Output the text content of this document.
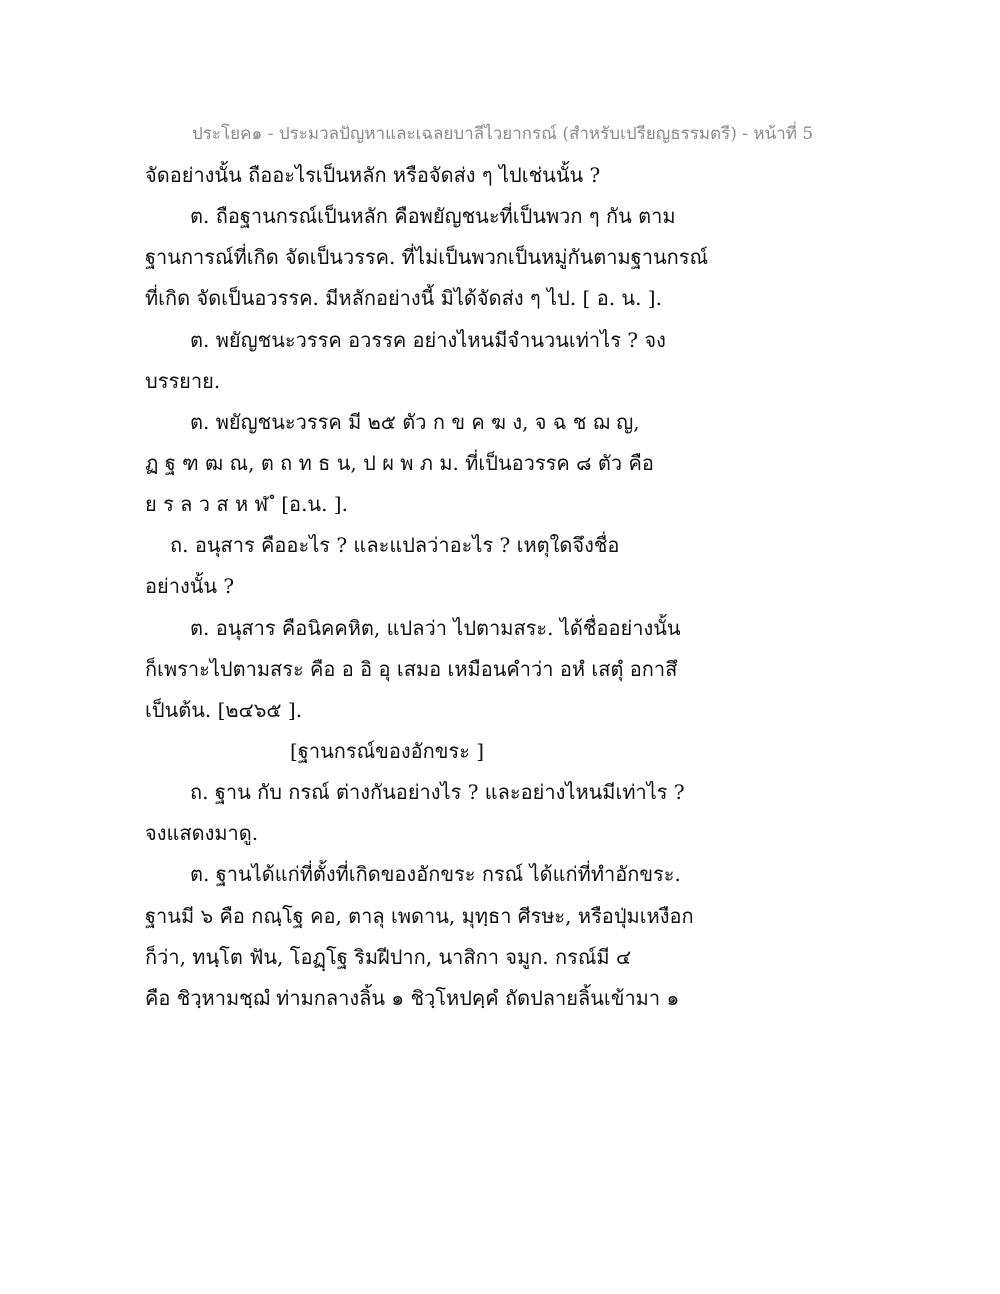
ประโยค๑ - ประมวลปัญหาและเฉลยบาลีไวยากรณ์ (สำหรับเปรียญธรรมตรี) - หน้าที่ 5
จัดอย่างนั้น ถืออะไรเป็นหลัก หรือจัดส่ง ๆ ไปเช่นนั้น ?
ต. ถือฐานกรณ์เป็นหลัก คือพยัญชนะที่เป็นพวก ๆ กัน ตาม
ฐานการณ์ที่เกิด จัดเป็นวรรค. ที่ไม่เป็นพวกเป็นหมู่กันตามฐานกรณ์
ที่เกิด จัดเป็นอวรรค. มีหลักอย่างนี้ มิได้จัดส่ง ๆ ไป. [ อ. น. ].
ต. พยัญชนะวรรค อวรรค อย่างไหนมีจำนวนเท่าไร ? จง
บรรยาย.
ต. พยัญชนะวรรค มี ๒๕ ตัว ก ข ค ฆ ง, จ ฉ ช ฌ ญ,
ฏ ฐ ฑ ฒ ณ, ต ถ ท ธ น, ป ผ พ ภ ม. ที่เป็นอวรรค ๘ ตัว คือ
ย ร ล ว ส ห ฬ ํ [อ.น. ].
ถ. อนุสาร คืออะไร ? และแปลว่าอะไร ? เหตุใดจึงชื่อ
อย่างนั้น ?
ต. อนุสาร คือนิคคหิต, แปลว่า ไปตามสระ. ได้ชื่ออย่างนั้น
ก็เพราะไปตามสระ คือ อ อิ อุ เสมอ เหมือนคำว่า อหํ เสตุํ อกาสึ
เป็นต้น. [๒๔๖๕ ].
[ฐานกรณ์ของอักขระ ]
ถ. ฐาน กับ กรณ์ ต่างกันอย่างไร ? และอย่างไหนมีเท่าไร ?
จงแสดงมาดู.
ต. ฐานได้แก่ที่ตั้งที่เกิดของอักขระ กรณ์ ได้แก่ที่ทำอักขระ.
ฐานมี ๖ คือ กณฺโฐ คอ, ตาลุ เพดาน, มุทฺธา ศีรษะ, หรือปุ่มเหงือก
ก็ว่า, ทนฺโต ฟัน, โอฏฺโฐ ริมฝีปาก, นาสิกา จมูก. กรณ์มี ๔
คือ ชิวฺหามชฺฌํ ท่ามกลางลิ้น ๑ ชิวฺโหปคฺคํ ถัดปลายลิ้นเข้ามา ๑
